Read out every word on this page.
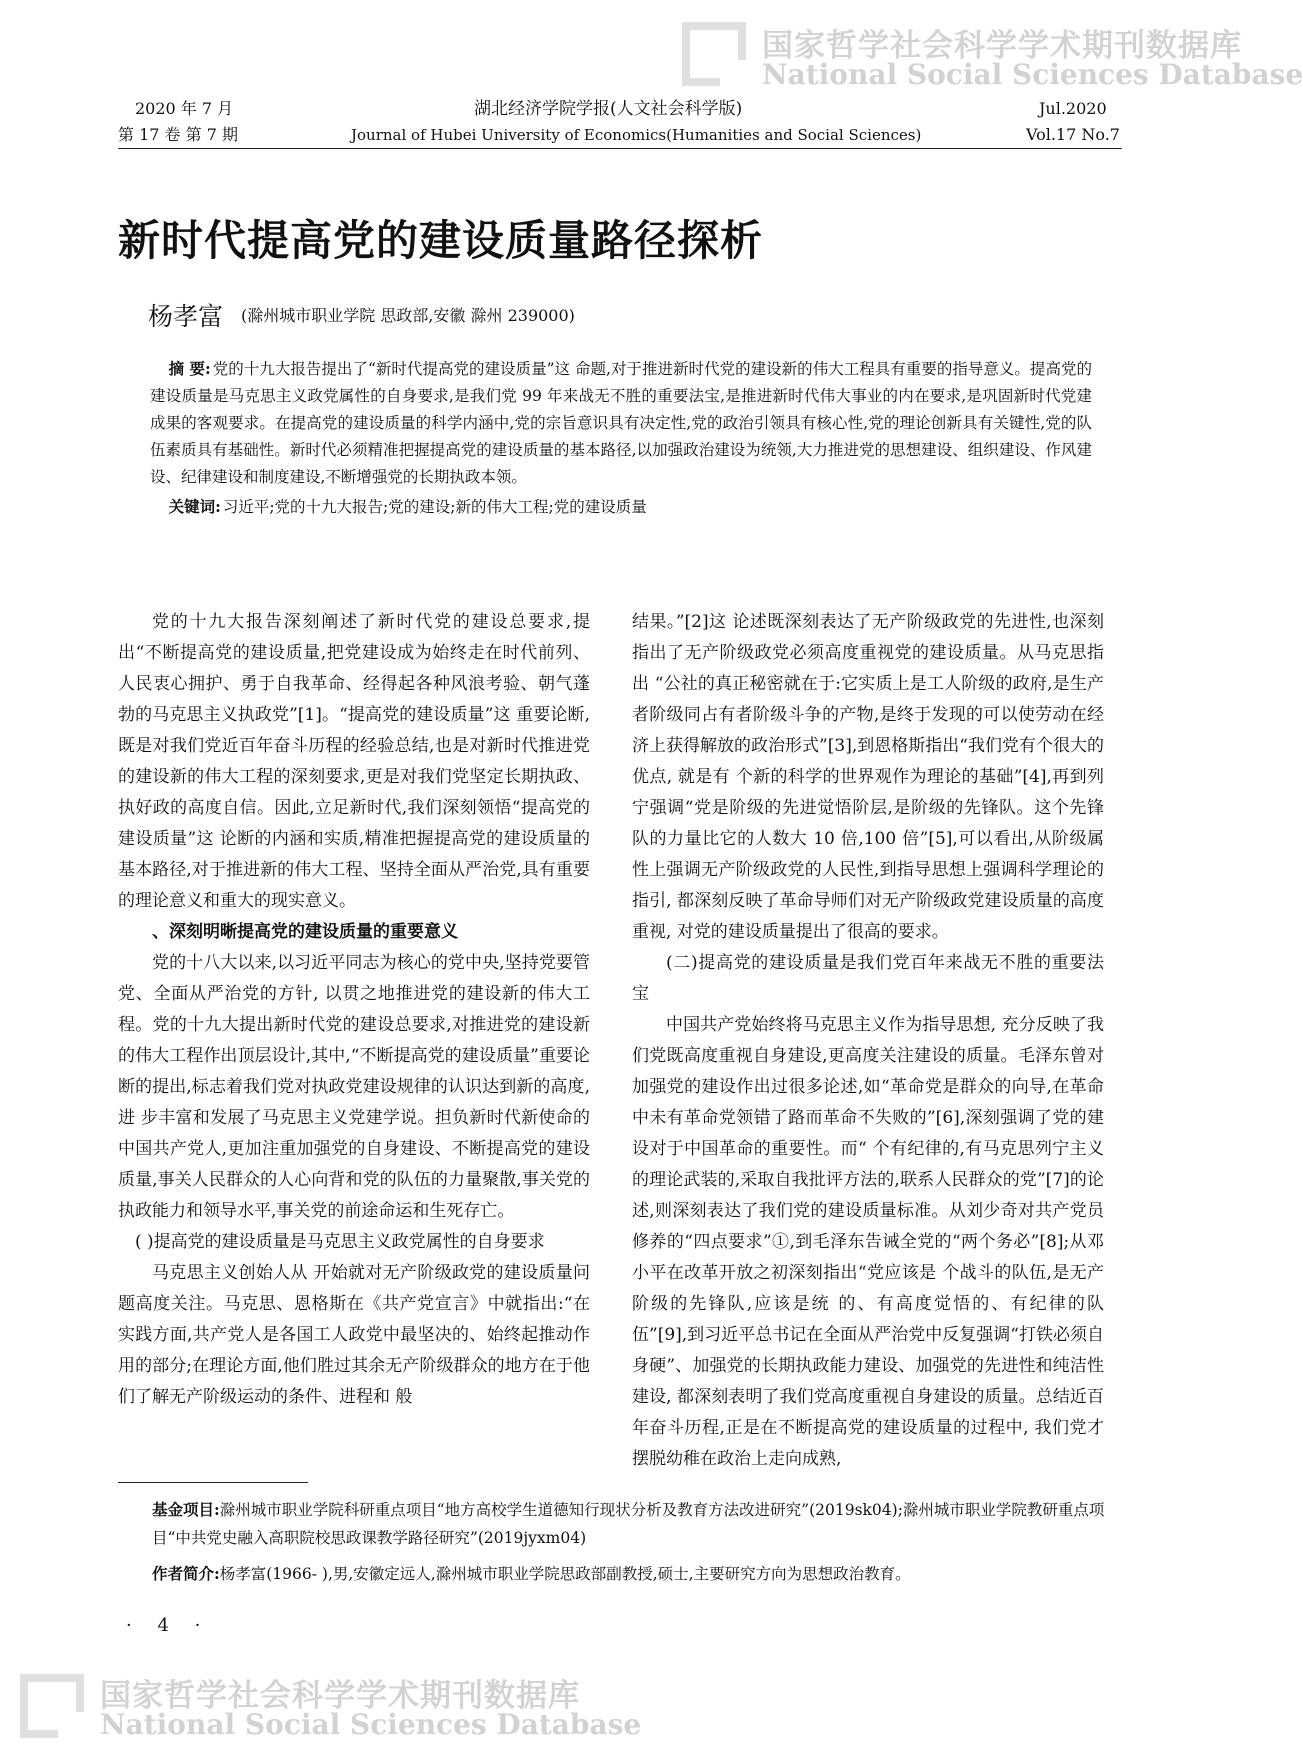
国家哲学社会科学学术期刊数据库
National Social Sciences Database
国家哲学社会科学学术期刊数据库
National Social Sciences Database
2020 年 7 月
第 17 卷 第 7 期
湖北经济学院学报(人文社会科学版)
Journal of Hubei University of Economics(Humanities and Social Sciences)
Jul.2020
Vol.17 No.7
新时代提高党的建设质量路径探析
杨孝富 (滁州城市职业学院 思政部,安徽 滁州 239000)
摘 要: 党的十九大报告提出了“新时代提高党的建设质量”这 命题,对于推进新时代党的建设新的伟大工程具有重要的指导意义。提高党的建设质量是马克思主义政党属性的自身要求,是我们党 99 年来战无不胜的重要法宝,是推进新时代伟大事业的内在要求,是巩固新时代党建成果的客观要求。在提高党的建设质量的科学内涵中,党的宗旨意识具有决定性,党的政治引领具有核心性,党的理论创新具有关键性,党的队伍素质具有基础性。新时代必须精准把握提高党的建设质量的基本路径,以加强政治建设为统领,大力推进党的思想建设、组织建设、作风建设、纪律建设和制度建设,不断增强党的长期执政本领。
关键词: 习近平;党的十九大报告;党的建设;新的伟大工程;党的建设质量

党的十九大报告深刻阐述了新时代党的建设总要求,提出“不断提高党的建设质量,把党建设成为始终走在时代前列、人民衷心拥护、勇于自我革命、经得起各种风浪考验、朝气蓬勃的马克思主义执政党”[1]。“提高党的建设质量”这 重要论断,既是对我们党近百年奋斗历程的经验总结,也是对新时代推进党的建设新的伟大工程的深刻要求,更是对我们党坚定长期执政、执好政的高度自信。因此,立足新时代,我们深刻领悟“提高党的建设质量”这 论断的内涵和实质,精准把握提高党的建设质量的基本路径,对于推进新的伟大工程、坚持全面从严治党,具有重要的理论意义和重大的现实意义。

、深刻明晰提高党的建设质量的重要意义

党的十八大以来,以习近平同志为核心的党中央,坚持党要管党、全面从严治党的方针, 以贯之地推进党的建设新的伟大工程。党的十九大提出新时代党的建设总要求,对推进党的建设新的伟大工程作出顶层设计,其中,“不断提高党的建设质量”重要论断的提出,标志着我们党对执政党建设规律的认识达到新的高度,进 步丰富和发展了马克思主义党建学说。担负新时代新使命的中国共产党人,更加注重加强党的自身建设、不断提高党的建设质量,事关人民群众的人心向背和党的队伍的力量聚散,事关党的执政能力和领导水平,事关党的前途命运和生死存亡。

( )提高党的建设质量是马克思主义政党属性的自身要求

马克思主义创始人从 开始就对无产阶级政党的建设质量问题高度关注。马克思、恩格斯在《共产党宣言》中就指出:“在实践方面,共产党人是各国工人政党中最坚决的、始终起推动作用的部分;在理论方面,他们胜过其余无产阶级群众的地方在于他们了解无产阶级运动的条件、进程和 般

结果。”[2]这 论述既深刻表达了无产阶级政党的先进性,也深刻指出了无产阶级政党必须高度重视党的建设质量。从马克思指出 “公社的真正秘密就在于:它实质上是工人阶级的政府,是生产者阶级同占有者阶级斗争的产物,是终于发现的可以使劳动在经济上获得解放的政治形式”[3],到恩格斯指出“我们党有个很大的优点, 就是有 个新的科学的世界观作为理论的基础”[4],再到列宁强调“党是阶级的先进觉悟阶层,是阶级的先锋队。这个先锋队的力量比它的人数大 10 倍,100 倍”[5],可以看出,从阶级属性上强调无产阶级政党的人民性,到指导思想上强调科学理论的指引, 都深刻反映了革命导师们对无产阶级政党建设质量的高度重视, 对党的建设质量提出了很高的要求。

(二)提高党的建设质量是我们党百年来战无不胜的重要法宝

中国共产党始终将马克思主义作为指导思想, 充分反映了我们党既高度重视自身建设,更高度关注建设的质量。毛泽东曾对加强党的建设作出过很多论述,如“革命党是群众的向导,在革命中未有革命党领错了路而革命不失败的”[6],深刻强调了党的建设对于中国革命的重要性。而“ 个有纪律的,有马克思列宁主义的理论武装的,采取自我批评方法的,联系人民群众的党”[7]的论述,则深刻表达了我们党的建设质量标准。从刘少奇对共产党员修养的“四点要求”①,到毛泽东告诫全党的“两个务必”[8];从邓小平在改革开放之初深刻指出“党应该是 个战斗的队伍,是无产阶级的先锋队,应该是统 的、有高度觉悟的、有纪律的队伍”[9],到习近平总书记在全面从严治党中反复强调“打铁必须自身硬”、加强党的长期执政能力建设、加强党的先进性和纯洁性建设, 都深刻表明了我们党高度重视自身建设的质量。总结近百年奋斗历程,正是在不断提高党的建设质量的过程中, 我们党才摆脱幼稚在政治上走向成熟,

基金项目:滁州城市职业学院科研重点项目“地方高校学生道德知行现状分析及教育方法改进研究”(2019sk04);滁州城市职业学院教研重点项目“中共党史融入高职院校思政课教学路径研究”(2019jyxm04)
作者简介:杨孝富(1966- ),男,安徽定远人,滁州城市职业学院思政部副教授,硕士,主要研究方向为思想政治教育。
· 4 ·
